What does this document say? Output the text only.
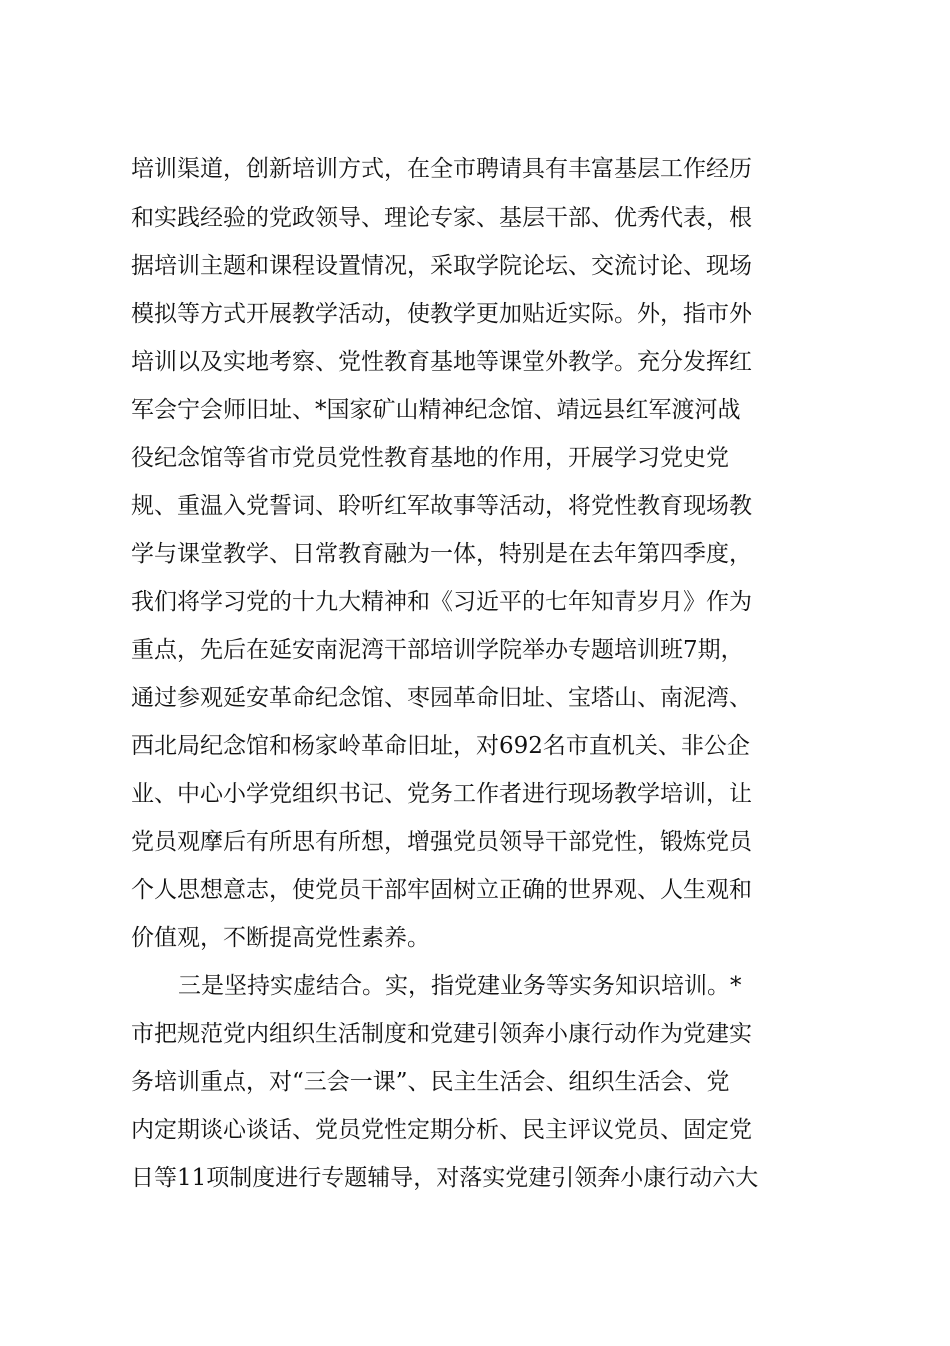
培训渠道，创新培训方式，在全市聘请具有丰富基层工作经历
和实践经验的党政领导、理论专家、基层干部、优秀代表，根
据培训主题和课程设置情况，采取学院论坛、交流讨论、现场
模拟等方式开展教学活动，使教学更加贴近实际。外，指市外
培训以及实地考察、党性教育基地等课堂外教学。充分发挥红
军会宁会师旧址、*国家矿山精神纪念馆、靖远县红军渡河战
役纪念馆等省市党员党性教育基地的作用，开展学习党史党
规、重温入党誓词、聆听红军故事等活动，将党性教育现场教
学与课堂教学、日常教育融为一体，特别是在去年第四季度，
我们将学习党的十九大精神和《习近平的七年知青岁月》作为
重点，先后在延安南泥湾干部培训学院举办专题培训班7期，
通过参观延安革命纪念馆、枣园革命旧址、宝塔山、南泥湾、
西北局纪念馆和杨家岭革命旧址，对692名市直机关、非公企
业、中心小学党组织书记、党务工作者进行现场教学培训，让
党员观摩后有所思有所想，增强党员领导干部党性，锻炼党员
个人思想意志，使党员干部牢固树立正确的世界观、人生观和
价值观，不断提高党性素养。
三是坚持实虚结合。实，指党建业务等实务知识培训。*
市把规范党内组织生活制度和党建引领奔小康行动作为党建实
务培训重点，对“三会一课”、民主生活会、组织生活会、党
内定期谈心谈话、党员党性定期分析、民主评议党员、固定党
日等11项制度进行专题辅导，对落实党建引领奔小康行动六大
